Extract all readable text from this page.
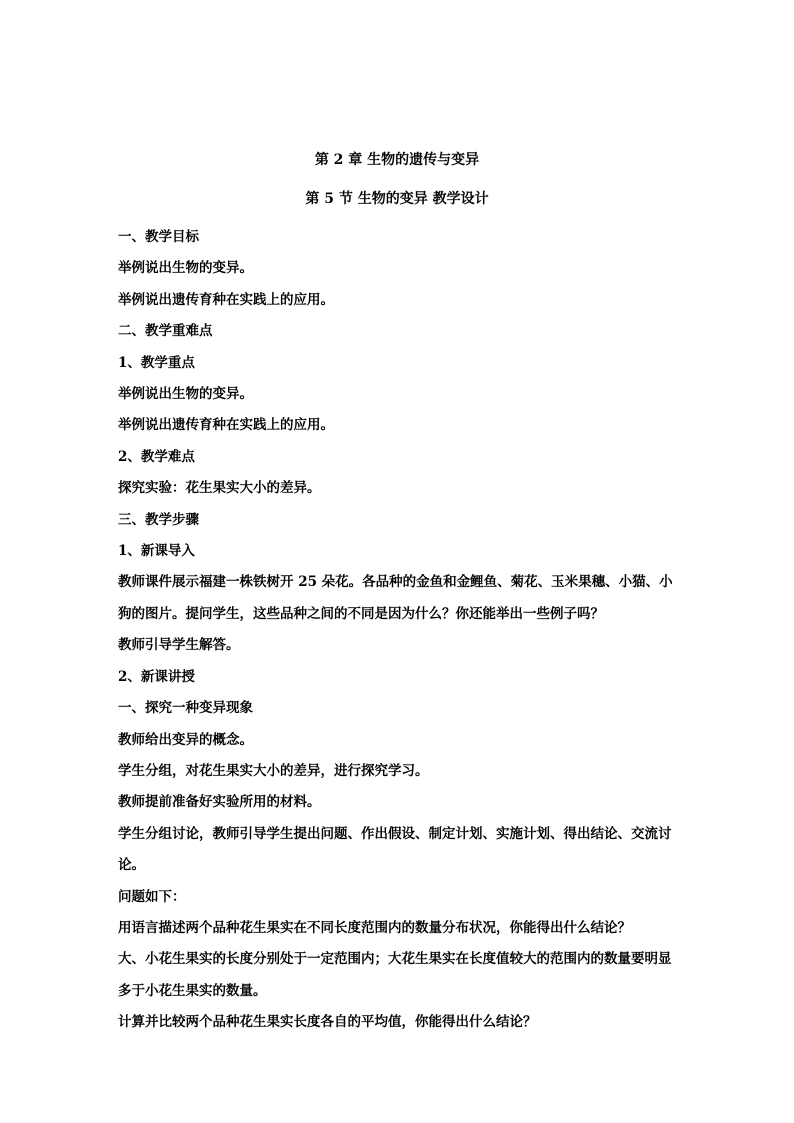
第 2 章 生物的遗传与变异
第 5 节 生物的变异 教学设计

一、教学目标

举例说出生物的变异。

举例说出遗传育种在实践上的应用。

二、教学重难点

1、教学重点

举例说出生物的变异。

举例说出遗传育种在实践上的应用。

2、教学难点

探究实验：花生果实大小的差异。

三、教学步骤

1、新课导入

教师课件展示福建一株铁树开 25 朵花。各品种的金鱼和金鲤鱼、菊花、玉米果穗、小猫、小狗的图片。提问学生，这些品种之间的不同是因为什么？你还能举出一些例子吗？

教师引导学生解答。

2、新课讲授

一、探究一种变异现象

教师给出变异的概念。

学生分组，对花生果实大小的差异，进行探究学习。

教师提前准备好实验所用的材料。

学生分组讨论，教师引导学生提出问题、作出假设、制定计划、实施计划、得出结论、交流讨论。

问题如下：

用语言描述两个品种花生果实在不同长度范围内的数量分布状况，你能得出什么结论？

大、小花生果实的长度分别处于一定范围内；大花生果实在长度值较大的范围内的数量要明显多于小花生果实的数量。

计算并比较两个品种花生果实长度各自的平均值，你能得出什么结论？
